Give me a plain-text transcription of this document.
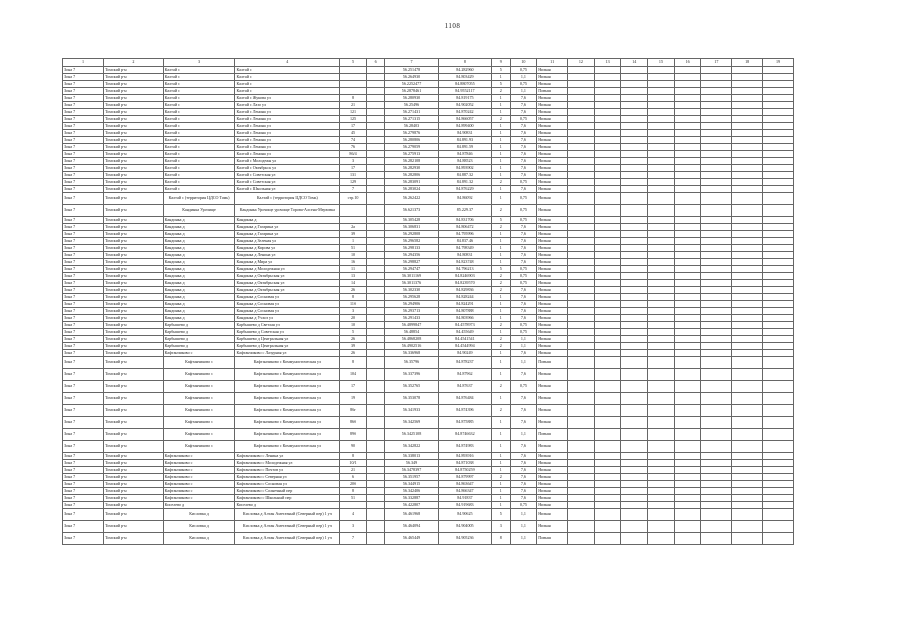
1108
1	2	3	4	5	6	7	8	9	10	11	12	13	14	15	16	17	18	19
Зона 7	Томский р-н	Калтай с	Калтай с			56.251478	84.282960	5	0,75	Низкая								
Зона 7	Томский р-н	Калтай с	Калтай с			56.264930	84.803429	1	1,1	Низкая								
Зона 7	Томский р-н	Калтай с	Калтай с			56.2252477	84.8807055	5	0,75	Низкая								
Зона 7	Томский р-н	Калтай с	Калтай с			56.2878461	84.9552117	2	1,1	Повыш								
Зона 7	Томский р-н	Калтай с	Калтай с Жукова ул	8		56.280930	84.819175	1	7,6	Низкая								
Зона 7	Томский р-н	Калтай с	Калтай с Лазо ул	21		56.25496	84.902052	1	7,6	Низкая								
Зона 7	Томский р-н	Калтай с	Калтай с Ленина ул	121		56.271431	84.870242	1	7,6	Низкая								
Зона 7	Томский р-н	Калтай с	Калтай с Ленина ул	125		56.271315	84.866057	2	0,75	Низкая								
Зона 7	Томский р-н	Калтай с	Калтай с Ленина ул	17		56.28403	84.899400	1	7,6	Низкая								
Зона 7	Томский р-н	Калтай с	Калтай с Ленина ул	45		56.279876	84.90831	1	7,6	Низкая								
Зона 7	Томский р-н	Калтай с	Калтай с Ленина ул	74		56.280806	84.891.93	1	7,6	Низкая								
Зона 7	Томский р-н	Калтай с	Калтай с Ленина ул	76		56.279059	84.891.59	1	7,6	Низкая								
Зона 7	Томский р-н	Калтай с	Калтай с Ленина ул	86/4		56.275913	84.87846	1	7,6	Низкая								
Зона 7	Томский р-н	Калтай с	Калтай с Молодежн ул	3		56.282108	84.88523	1	7,6	Низкая								
Зона 7	Томский р-н	Калтай с	Калтай с Октябрьск ул	17		56.282930	84.893902	1	7,6	Низкая								
Зона 7	Томский р-н	Калтай с	Калтай с Советская ул	131		56.282806	84.887.32	1	7,6	Низкая								
Зона 7	Томский р-н	Калтай с	Калтай с Советская ул	129		56.283091	84.891.32	2	0,75	Низкая								
Зона 7	Томский р-н	Калтай с	Калтай с Школьная ул	7		56.283024	84.876229	1	7,6	Низкая								
Зона 7	Томский р-н	Калтай с (территория ЦДСО Томь)	Калтай с (территория ЦДСО Томь)	стр.10		56.262422	84.86092	1	0,75	Низкая								
Зона 7	Томский р-н	Кандинка Урочище	Кандинка Урочище урочище Торова-Алсена-Мерзовка			56.621373	85.229.37	2	0,75	Низкая								
Зона 7	Томский р-н	Кандинка д	Кандинка д			56.305428	84.831706	5	0,75	Низкая								
Зона 7	Томский р-н	Кандинка д	Кандинка д Гагарина ул	2а		56.306831	84.806472	2	7,6	Низкая								
Зона 7	Томский р-н	Кандинка д	Кандинка д Гагарина ул	39		56.292808	84.795996	1	7,6	Низкая								
Зона 7	Томский р-н	Кандинка д	Кандинка д Зеленая ул	1		56.296582	84.837.46	1	7,6	Низкая								
Зона 7	Томский р-н	Кандинка д	Кандинка д Кирова ул	51		56.298133	84.798349	1	7,6	Низкая								
Зона 7	Томский р-н	Кандинка д	Кандинка д Ленина ул	10		56.294356	84.80831	1	7,6	Низкая								
Зона 7	Томский р-н	Кандинка д	Кандинка д Мира ул	16		56.298827	84.823748	1	7,6	Низкая								
Зона 7	Томский р-н	Кандинка д	Кандинка д Молодежная ул	11		56.294747	84.796213	5	0,75	Низкая								
Зона 7	Томский р-н	Кандинка д	Кандинка д Октябрьская ул	13		56.3011169	84.8246903	2	0,75	Низкая								
Зона 7	Томский р-н	Кандинка д	Кандинка д Октябрьская ул	14		56.3011376	84.8239570	2	0,75	Низкая								
Зона 7	Томский р-н	Кандинка д	Кандинка д Октябрьская ул	26		56.302330	84.829836	2	7,6	Низкая								
Зона 7	Томский р-н	Кандинка д	Кандинка д Сосновая ул	8		56.295628	84.828244	1	7,6	Низкая								
Зона 7	Томский р-н	Кандинка д	Кандинка д Сосновая ул	11б		56.294906	84.824291	1	7,6	Низкая								
Зона 7	Томский р-н	Кандинка д	Кандинка д Сосновая ул	3		56.293713	84.807888	1	7,6	Низкая								
Зона 7	Томский р-н	Кандинка д	Кандинка д Учхоз ул	20		56.291433	84.803966	1	7,6	Низкая								
Зона 7	Томский р-н	Карбышево д	Карбышево д Светлая ул	10		56.4899847	84.4578973	2	0,75	Низкая								
Зона 7	Томский р-н	Карбышево д	Карбышево д Советская ул	5		56.48854	84.455649	1	0,75	Низкая								
Зона 7	Томский р-н	Карбышево д	Карбышево д Центральная ул	26		56.4868208	84.4541541	2	1,1	Низкая								
Зона 7	Томский р-н	Карбышево д	Карбышево д Центральная ул	39		56.4902516	84.4544994	2	1,1	Низкая								
Зона 7	Томский р-н	Кафтанчиково с	Кафтанчиково с Лазурная ул	26		56.336968	84.90249	1	7,6	Низкая								
Зона 7	Томский р-н	Кафтанчиково с	Кафтанчиково с Коммунистическая ул	8		56.35796	84.878237	1	1,1	Повыш								
Зона 7	Томский р-н	Кафтанчиково с	Кафтанчиково с Коммунистическая ул	104		56.337396	84.87962	1	7,6	Низкая								
Зона 7	Томский р-н	Кафтанчиково с	Кафтанчиково с Коммунистическая ул	17		56.352765	84.87637	2	0,75	Низкая								
Зона 7	Томский р-н	Кафтанчиково с	Кафтанчиково с Коммунистическая ул	19		56.353078	84.876484	1	7,6	Низкая								
Зона 7	Томский р-н	Кафтанчиково с	Кафтанчиково с Коммунистическая ул	86г		56.341933	84.874396	2	7,6	Низкая								
Зона 7	Томский р-н	Кафтанчиково с	Кафтанчиково с Коммунистическая ул	86б		56.342569	84.875885	1	7,6	Низкая								
Зона 7	Томский р-н	Кафтанчиково с	Кафтанчиково с Коммунистическая ул	89б		56.3425108	84.8746632	1	1,1	Повыш								
Зона 7	Томский р-н	Кафтанчиково с	Кафтанчиково с Коммунистическая ул	90		56.342822	84.874983	1	7,6	Низкая								
Зона 7	Томский р-н	Кафтанчиково с	Кафтанчиково с Ленина ул	8		56.338013	84.893916	1	7,6	Низкая								
Зона 7	Томский р-н	Кафтанчиково с	Кафтанчиково с Молодежная ул	10/1		56.349	84.871038	1	7,6	Низкая								
Зона 7	Томский р-н	Кафтанчиково с	Кафтанчиково с Почтов ул	21		56.3478397	84.8750259	1	7,6	Низкая								
Зона 7	Томский р-н	Кафтанчиково с	Кафтанчиково с Северная ул	6		56.351957	84.879997	2	7,6	Низкая								
Зона 7	Томский р-н	Кафтанчиково с	Кафтанчиково с Сосновая ул	20б		56.344915	84.863647	1	7,6	Низкая								
Зона 7	Томский р-н	Кафтанчиково с	Кафтанчиково с Солнечный пер	8		56.342406	84.866347	1	7,6	Низкая								
Зона 7	Томский р-н	Кафтанчиково с	Кафтанчиково с Школьный пер	51		56.332887	84.91837	1	7,6	Низкая								
Зона 7	Томский р-н	Киселево д	Киселево д			56.422807	84.919683	1	0,75	Низкая								
Зона 7	Томский р-н	Кисловка д	Кисловка д Алтан Аметатный (Северный пер) 1 уч	4		56.461968	84.90625	5	1,1	Низкая								
Зона 7	Томский р-н	Кисловка д	Кисловка д Алтан Аметатный (Северный пер) 1 уч	3		56.464094	84.904005	3	1,1	Низкая								
Зона 7	Томский р-н	Кисловка д	Кисловка д Алтан Аметатный (Северный пер) 1 уч	7		56.465449	84.905236	8	1,1	Повыш								
